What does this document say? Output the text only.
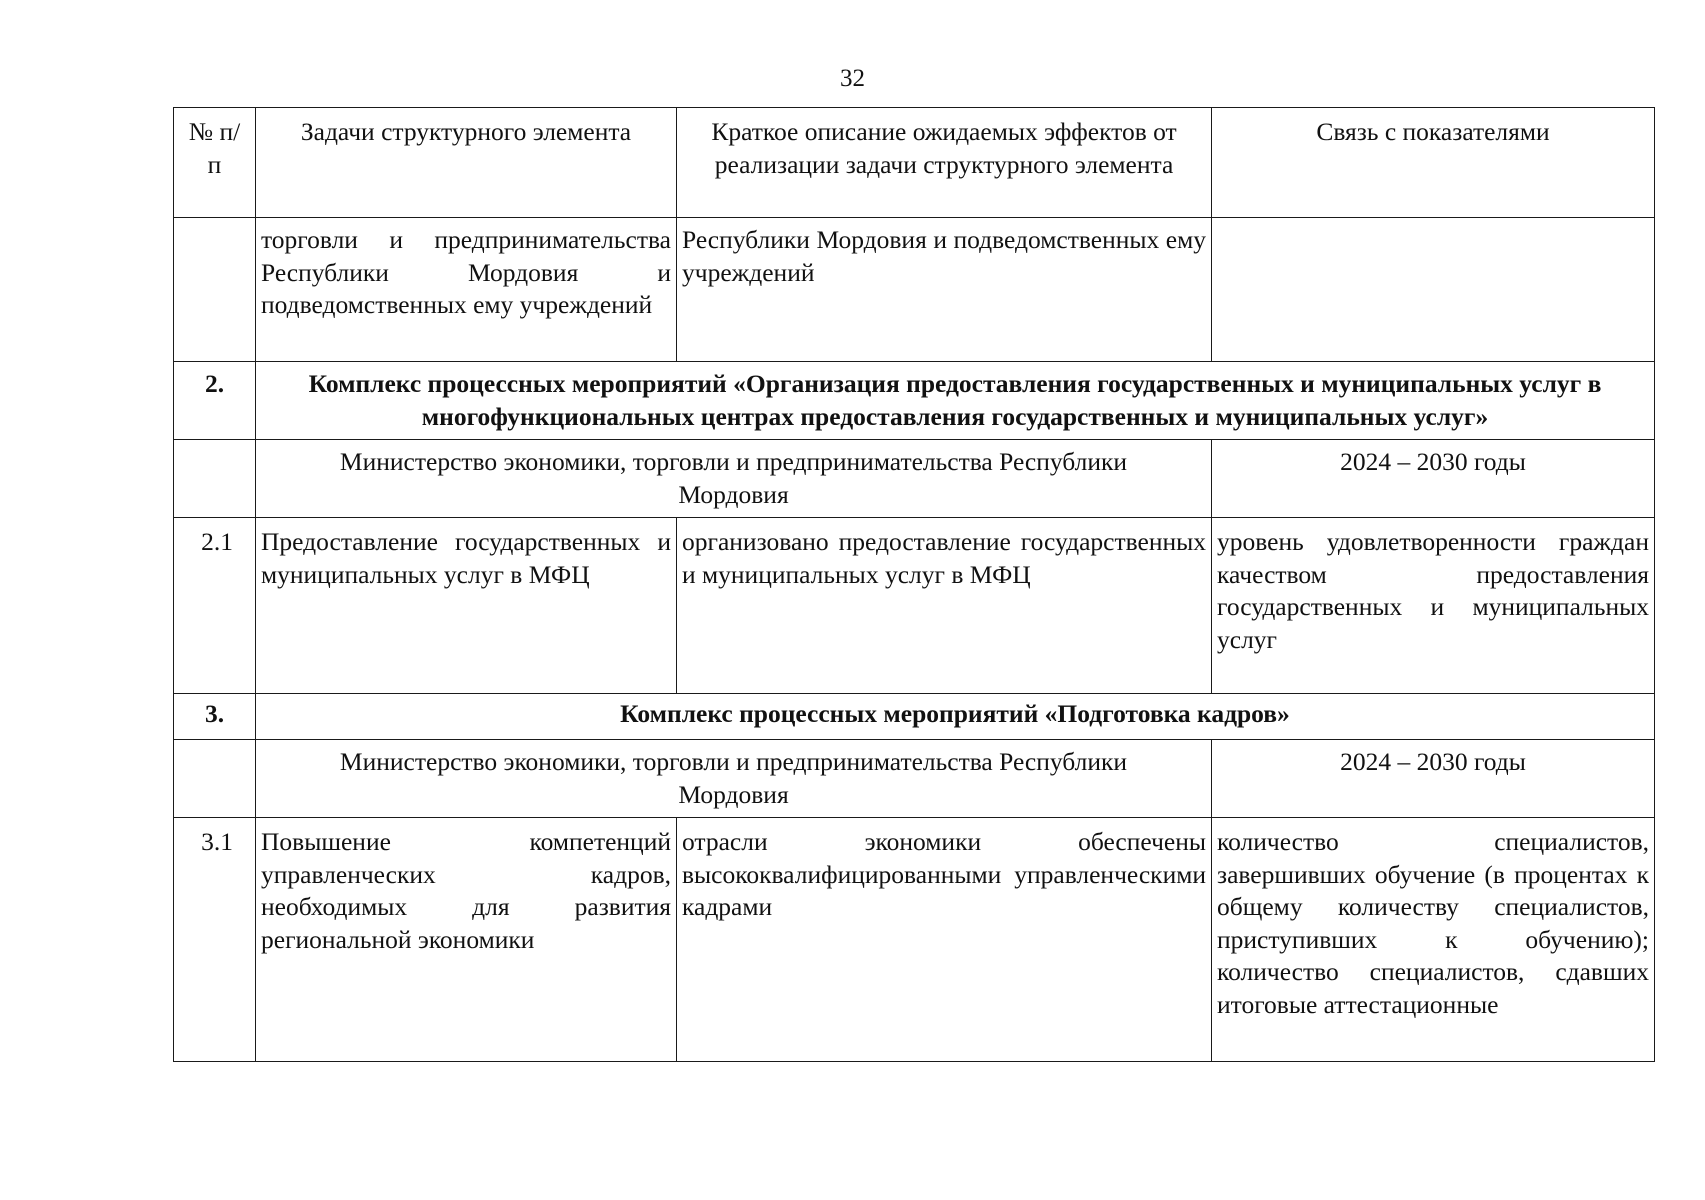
32
№ п/п	Задачи структурного элемента	Краткое описание ожидаемых эффектов от реализации задачи структурного элемента	Связь с показателями
	торговли и предпринимательства Республики Мордовия и подведомственных ему учреждений	Республики Мордовия и подведомственных ему учреждений	
2.	Комплекс процессных мероприятий «Организация предоставления государственных и муниципальных услуг в многофункциональных центрах предоставления государственных и муниципальных услуг»		
	Министерство экономики, торговли и предпринимательства Республики Мордовия		2024 – 2030 годы
2.1	Предоставление государственных и муниципальных услуг в МФЦ	организовано предоставление государственных и муниципальных услуг в МФЦ	уровень удовлетворенности граждан качеством предоставления государственных и муниципальных услуг
3.	Комплекс процессных мероприятий «Подготовка кадров»		
	Министерство экономики, торговли и предпринимательства Республики Мордовия		2024 – 2030 годы
3.1	Повышение компетенций управленческих кадров, необходимых для развития региональной экономики	отрасли экономики обеспечены высококвалифицированными управленческими кадрами	количество специалистов, завершивших обучение (в процентах к общему количеству специалистов, приступивших к обучению); количество специалистов, сдавших итоговые аттестационные
